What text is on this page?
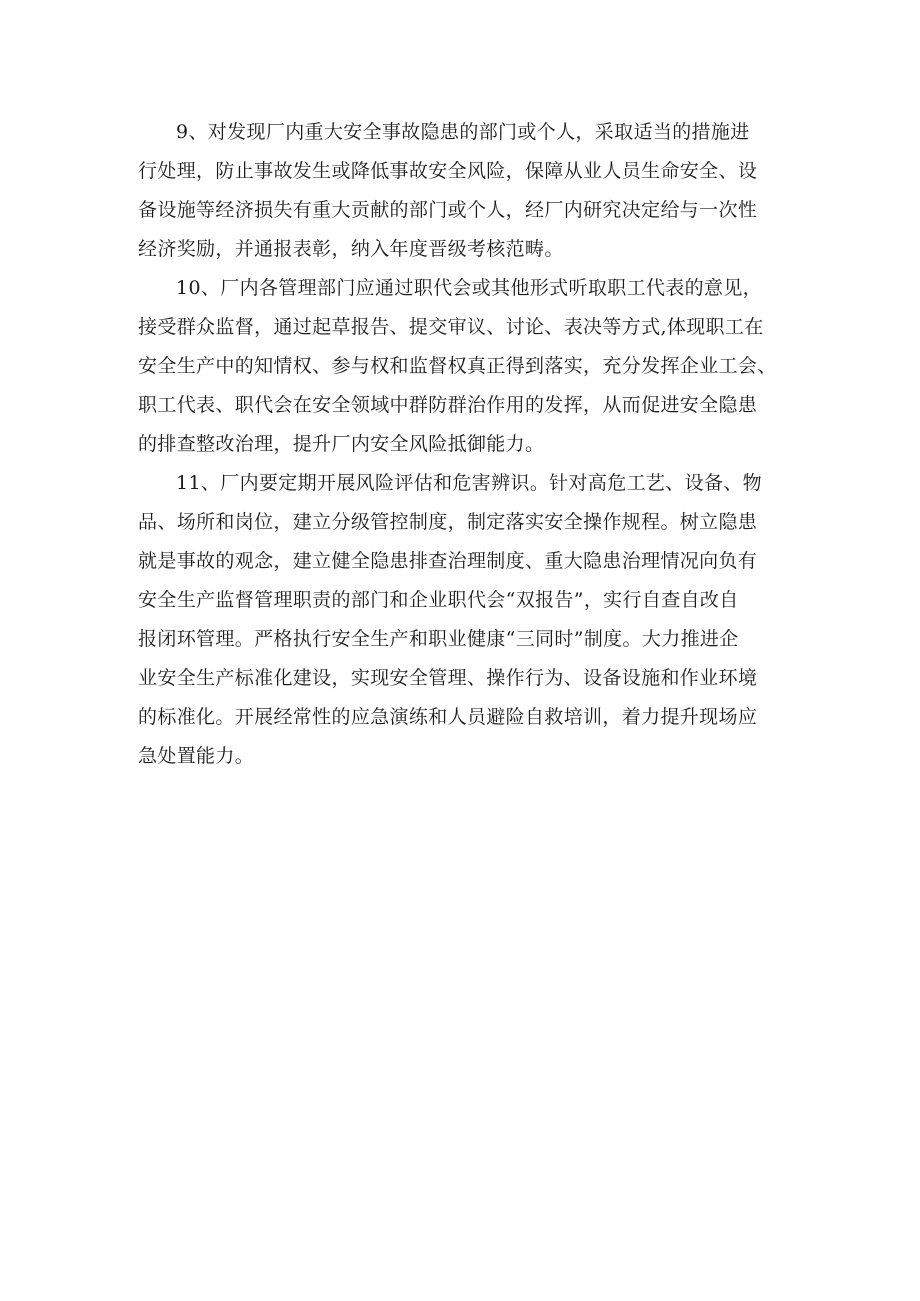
9、对发现厂内重大安全事故隐患的部门或个人，采取适当的措施进
行处理，防止事故发生或降低事故安全风险，保障从业人员生命安全、设
备设施等经济损失有重大贡献的部门或个人，经厂内研究决定给与一次性
经济奖励，并通报表彰，纳入年度晋级考核范畴。

10、厂内各管理部门应通过职代会或其他形式听取职工代表的意见，
接受群众监督，通过起草报告、提交审议、讨论、表决等方式,体现职工在
安全生产中的知情权、参与权和监督权真正得到落实，充分发挥企业工会、
职工代表、职代会在安全领域中群防群治作用的发挥，从而促进安全隐患
的排查整改治理，提升厂内安全风险抵御能力。

11、厂内要定期开展风险评估和危害辨识。针对高危工艺、设备、物
品、场所和岗位，建立分级管控制度，制定落实安全操作规程。树立隐患
就是事故的观念，建立健全隐患排查治理制度、重大隐患治理情况向负有
安全生产监督管理职责的部门和企业职代会“双报告”，实行自查自改自
报闭环管理。严格执行安全生产和职业健康“三同时”制度。大力推进企
业安全生产标准化建设，实现安全管理、操作行为、设备设施和作业环境
的标准化。开展经常性的应急演练和人员避险自救培训，着力提升现场应
急处置能力。
